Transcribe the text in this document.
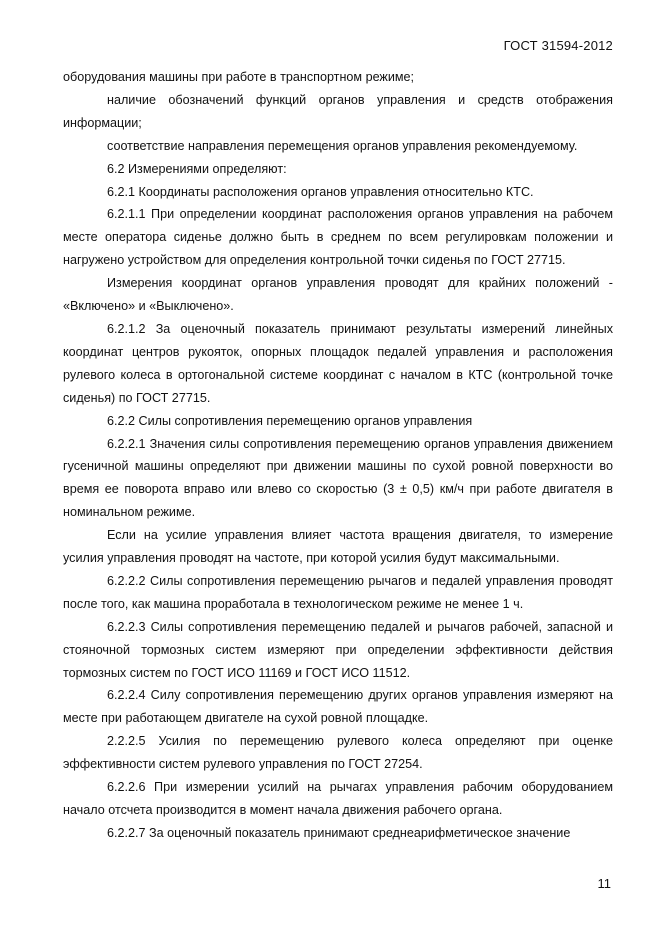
ГОСТ 31594-2012

оборудования машины при работе в транспортном режиме;

наличие обозначений функций органов управления и средств отображения информации;

соответствие направления перемещения органов управления рекомендуемому.

6.2 Измерениями определяют:

6.2.1 Координаты расположения органов управления относительно КТС.

6.2.1.1 При определении координат расположения органов управления на рабочем месте оператора сиденье должно быть в среднем по всем регулировкам положении и нагружено устройством для определения контрольной точки сиденья по ГОСТ 27715.

Измерения координат органов управления проводят для крайних положений - «Включено» и «Выключено».

6.2.1.2 За оценочный показатель принимают результаты измерений линейных координат центров рукояток, опорных площадок педалей управления и расположения рулевого колеса в ортогональной системе координат с началом в КТС (контрольной точке сиденья) по ГОСТ 27715.

6.2.2 Силы сопротивления перемещению органов управления

6.2.2.1 Значения силы сопротивления перемещению органов управления движением гусеничной машины определяют при движении машины по сухой ровной поверхности во время ее поворота вправо или влево со скоростью (3 ± 0,5) км/ч при работе двигателя в номинальном режиме.

Если на усилие управления влияет частота вращения двигателя, то измерение усилия управления проводят на частоте, при которой усилия будут максимальными.

6.2.2.2 Силы сопротивления перемещению рычагов и педалей управления проводят после того, как машина проработала в технологическом режиме не менее 1 ч.

6.2.2.3 Силы сопротивления перемещению педалей и рычагов рабочей, запасной и стояночной тормозных систем измеряют при определении эффективности действия тормозных систем по ГОСТ ИСО 11169 и ГОСТ ИСО 11512.

6.2.2.4 Силу сопротивления перемещению других органов управления измеряют на месте при работающем двигателе на сухой ровной площадке.

2.2.2.5 Усилия по перемещению рулевого колеса определяют при оценке эффективности систем рулевого управления по ГОСТ 27254.

6.2.2.6 При измерении усилий на рычагах управления рабочим оборудованием начало отсчета производится в момент начала движения рабочего органа.

6.2.2.7 За оценочный показатель принимают среднеарифметическое значение

11
